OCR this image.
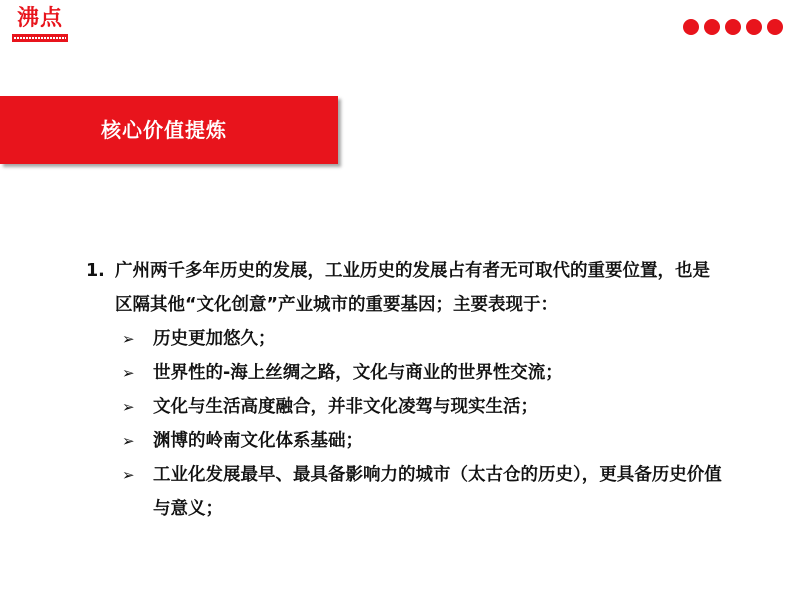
沸点
核心价值提炼
1. 广州两千多年历史的发展，工业历史的发展占有者无可取代的重要位置，也是区隔其他“文化创意”产业城市的重要基因；主要表现于：
➢ 历史更加悠久；
➢ 世界性的-海上丝绸之路，文化与商业的世界性交流；
➢ 文化与生活高度融合，并非文化凌驾与现实生活；
➢ 渊博的岭南文化体系基础；
➢ 工业化发展最早、最具备影响力的城市（太古仓的历史），更具备历史价值与意义；
